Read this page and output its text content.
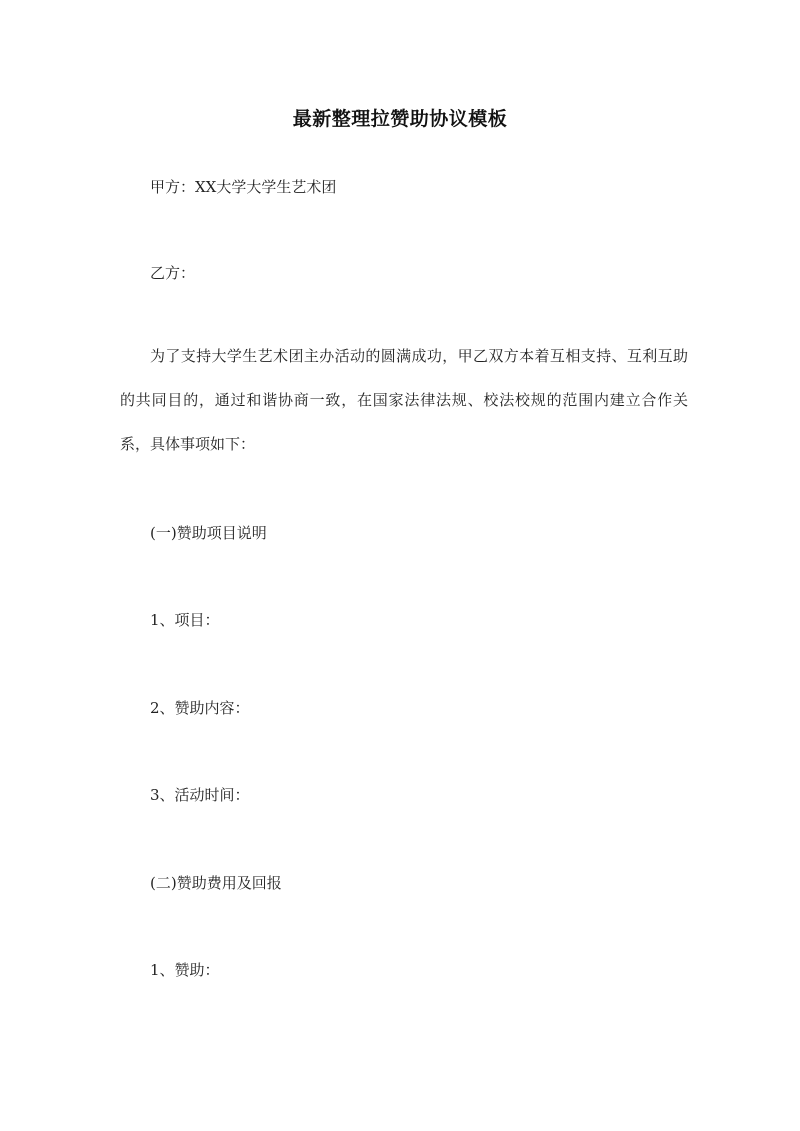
最新整理拉赞助协议模板
甲方：XX大学大学生艺术团
乙方：
为了支持大学生艺术团主办活动的圆满成功，甲乙双方本着互相支持、互利互助的共同目的，通过和谐协商一致，在国家法律法规、校法校规的范围内建立合作关系，具体事项如下：
(一)赞助项目说明
1、项目：
2、赞助内容：
3、活动时间：
(二)赞助费用及回报
1、赞助：
